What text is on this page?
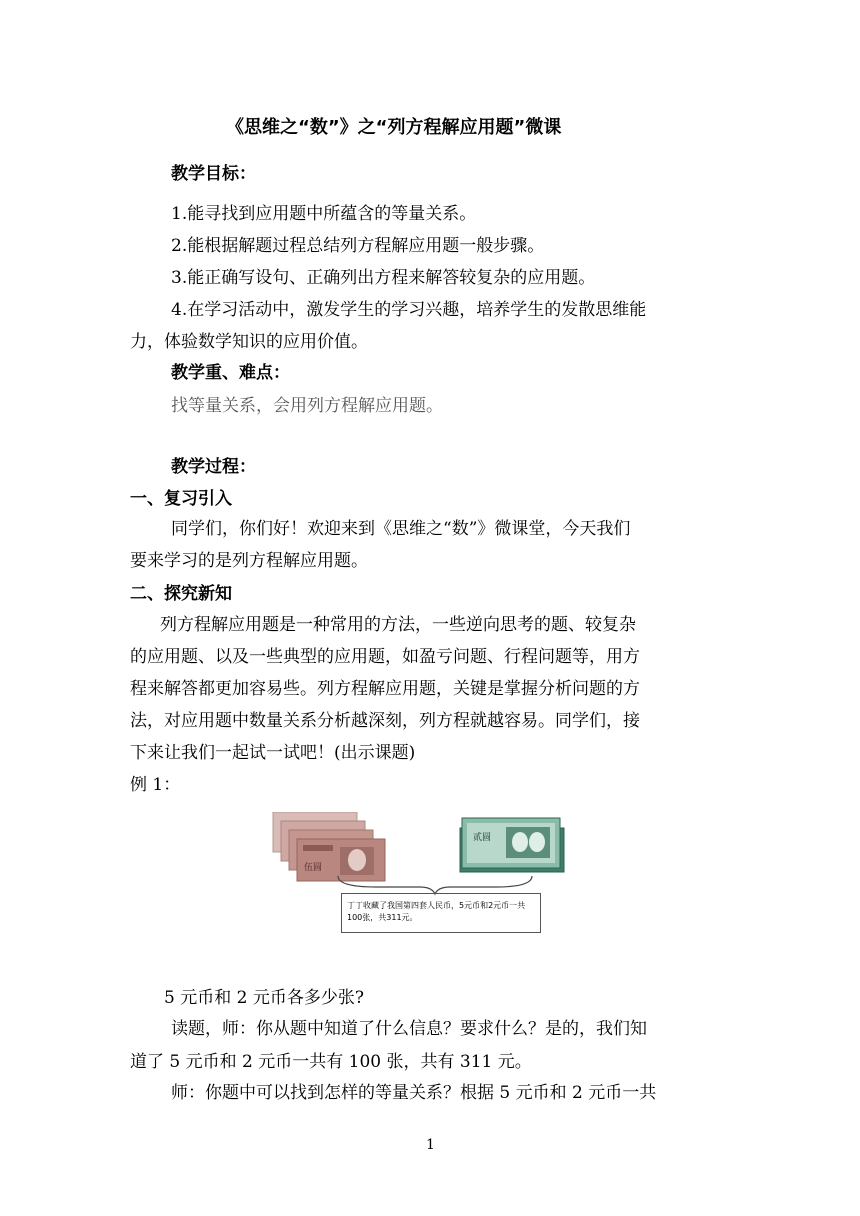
《思维之“数”》之“列方程解应用题”微课
教学目标：
1.能寻找到应用题中所蕴含的等量关系。
2.能根据解题过程总结列方程解应用题一般步骤。
3.能正确写设句、正确列出方程来解答较复杂的应用题。
4.在学习活动中，激发学生的学习兴趣，培养学生的发散思维能
力，体验数学知识的应用价值。
教学重、难点：
找等量关系，会用列方程解应用题。
教学过程：
一、复习引入
同学们，你们好！欢迎来到《思维之“数”》微课堂，今天我们
要来学习的是列方程解应用题。
二、探究新知
列方程解应用题是一种常用的方法，一些逆向思考的题、较复杂
的应用题、以及一些典型的应用题，如盈亏问题、行程问题等，用方
程来解答都更加容易些。列方程解应用题，关键是掌握分析问题的方
法，对应用题中数量关系分析越深刻，列方程就越容易。同学们，接
下来让我们一起试一试吧！(出示课题)
例 1：
伍圆
贰圆
丁丁收藏了我国第四套人民币，5元币和2元币一共100张，共311元。
5 元币和 2 元币各多少张?
读题，师：你从题中知道了什么信息？要求什么？是的，我们知
道了 5 元币和 2 元币一共有 100 张，共有 311 元。
师：你题中可以找到怎样的等量关系？根据 5 元币和 2 元币一共
1
